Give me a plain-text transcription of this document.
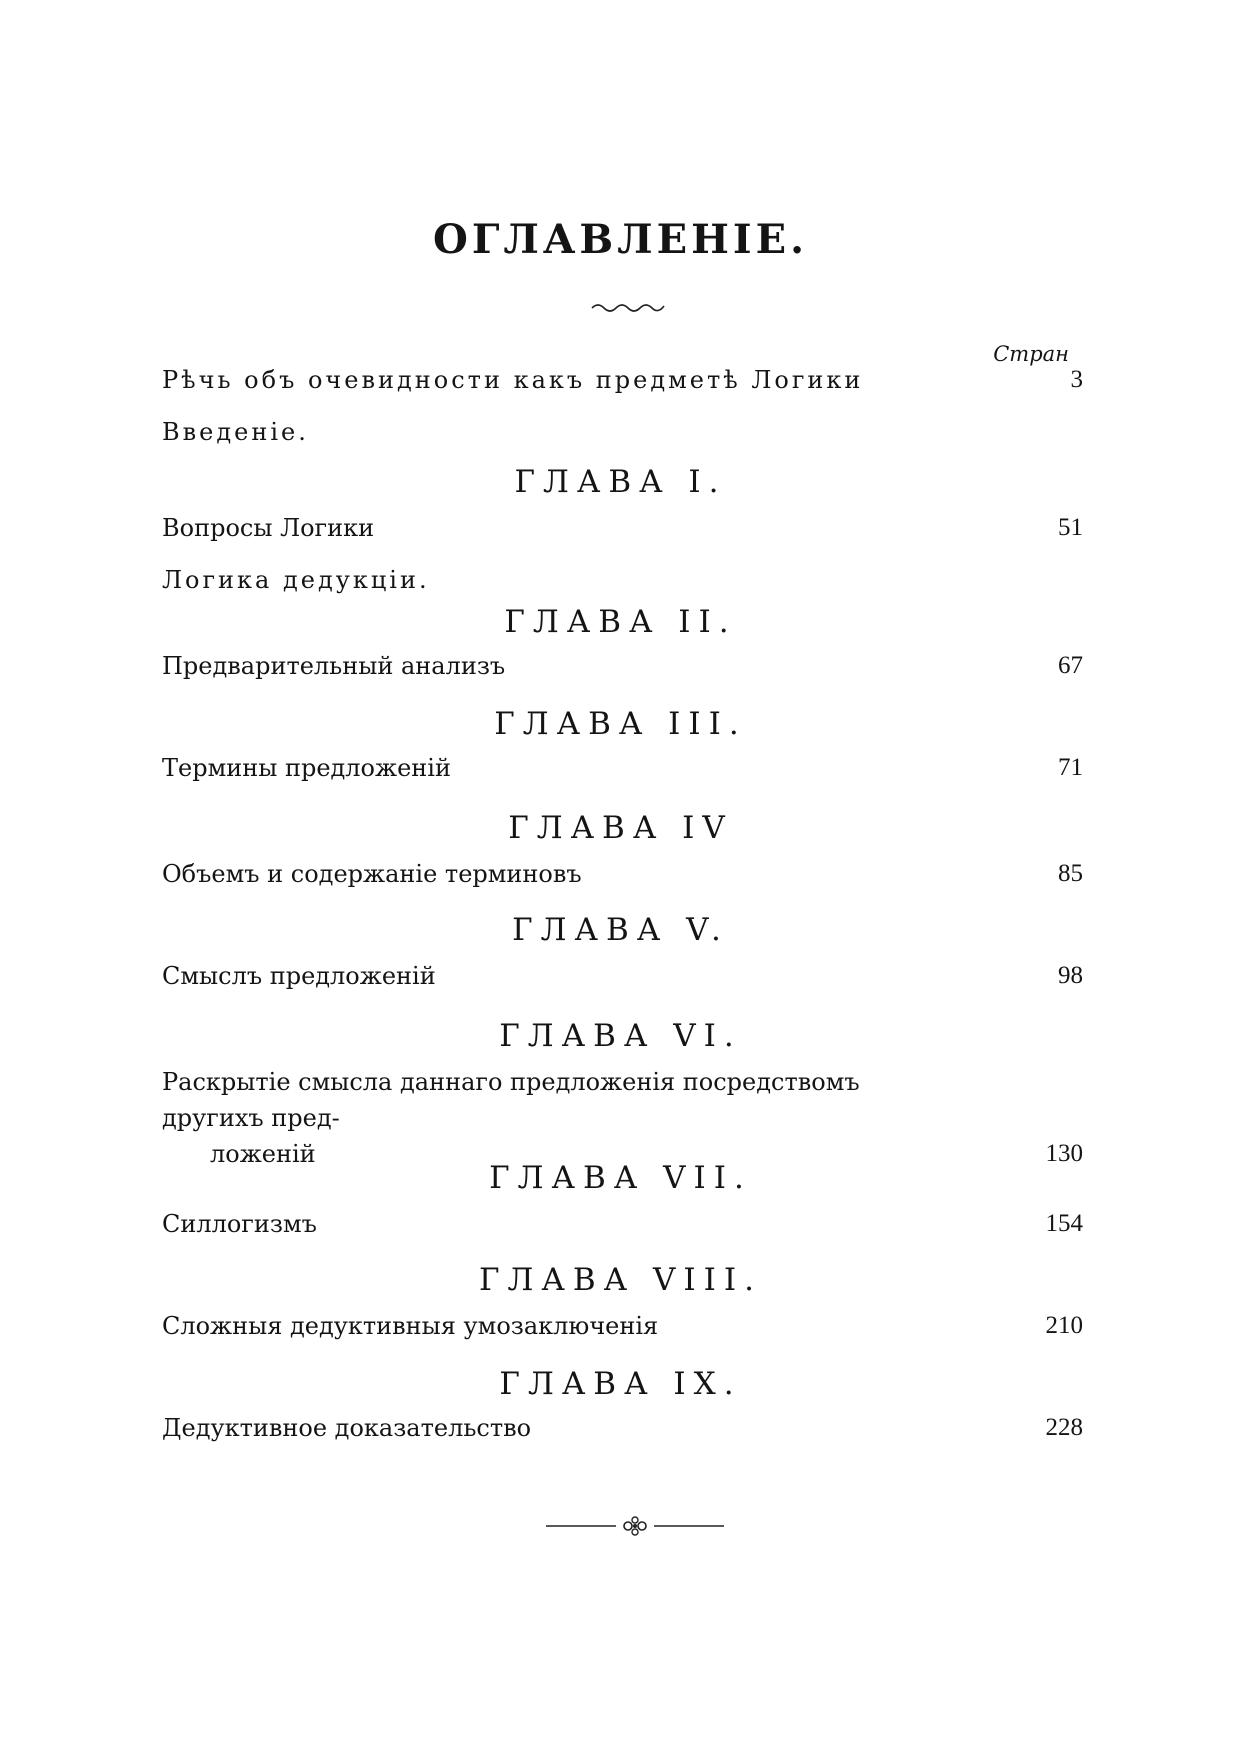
ОГЛАВЛЕНІЕ.
Стран
Рѣчь объ очевидности какъ предметѣ Логики	3
Введеніе.
ГЛАВА I.
Вопросы Логики	51
Логика дедукціи.
ГЛАВА II.
Предварительный анализъ	67
ГЛАВА III.
Термины предложеній	71
ГЛАВА IV
Объемъ и содержаніе терминовъ	85
ГЛАВА V.
Смыслъ предложеній	98
ГЛАВА VI.
Раскрытіе смысла даннаго предложенія посредствомъ другихъ пред-
ложеній	130
ГЛАВА VII.
Силлогизмъ	154
ГЛАВА VIII.
Сложныя дедуктивныя умозаключенія	210
ГЛАВА IX.
Дедуктивное доказательство	228
